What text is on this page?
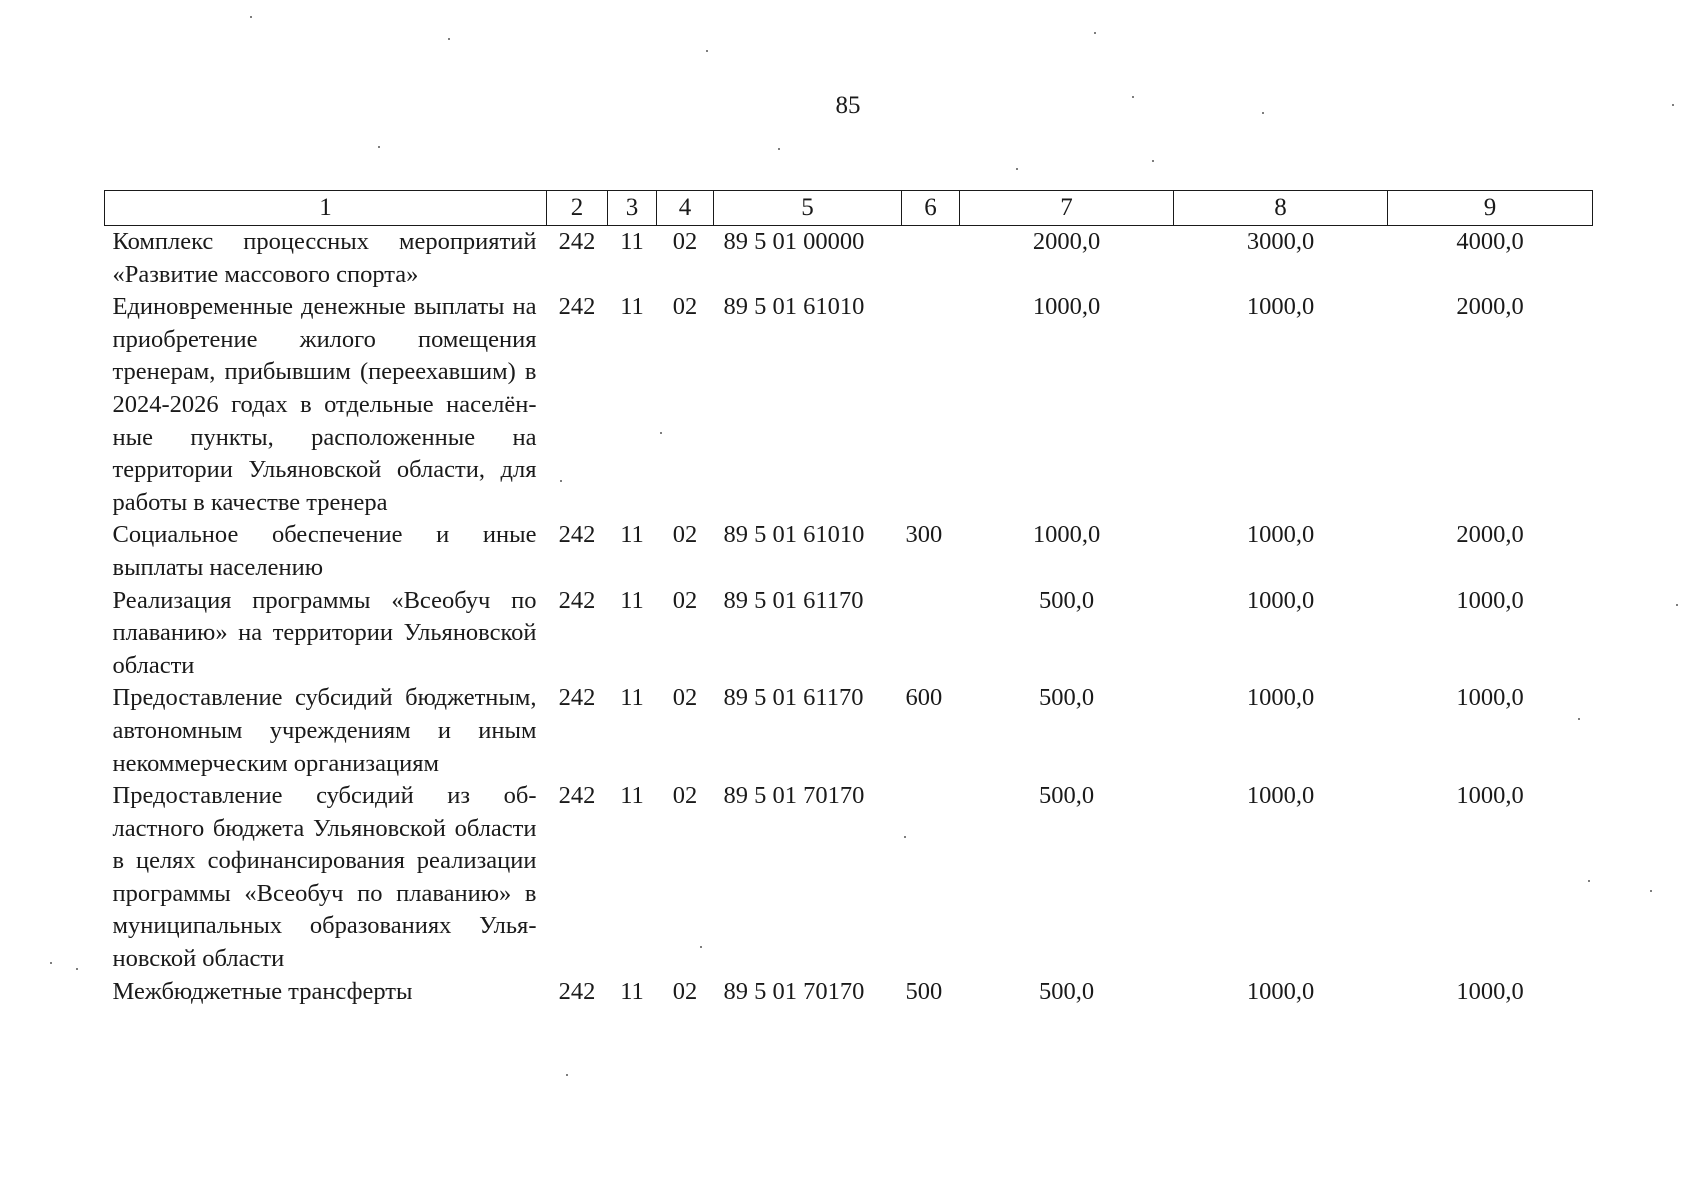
85
1	2	3	4	5	6	7	8	9
Комплекс процессных мероприятий «Развитие массового спорта»	242	11	02	89 5 01 00000		2000,0	3000,0	4000,0
Единовременные денежные выплаты на приобретение жилого помещения тренерам, прибывшим (переехавшим) в 2024-2026 годах в отдельные населённые пункты, расположенные на территории Ульяновской области, для работы в качестве тренера	242	11	02	89 5 01 61010		1000,0	1000,0	2000,0
Социальное обеспечение и иные выплаты населению	242	11	02	89 5 01 61010	300	1000,0	1000,0	2000,0
Реализация программы «Всеобуч по плаванию» на территории Ульяновской области	242	11	02	89 5 01 61170		500,0	1000,0	1000,0
Предоставление субсидий бюджетным, автономным учреждениям и иным некоммерческим организациям	242	11	02	89 5 01 61170	600	500,0	1000,0	1000,0
Предоставление субсидий из областного бюджета Ульяновской области в целях софинансирования реализации программы «Всеобуч по плаванию» в муниципальных образованиях Ульяновской области	242	11	02	89 5 01 70170		500,0	1000,0	1000,0
Межбюджетные трансферты	242	11	02	89 5 01 70170	500	500,0	1000,0	1000,0
